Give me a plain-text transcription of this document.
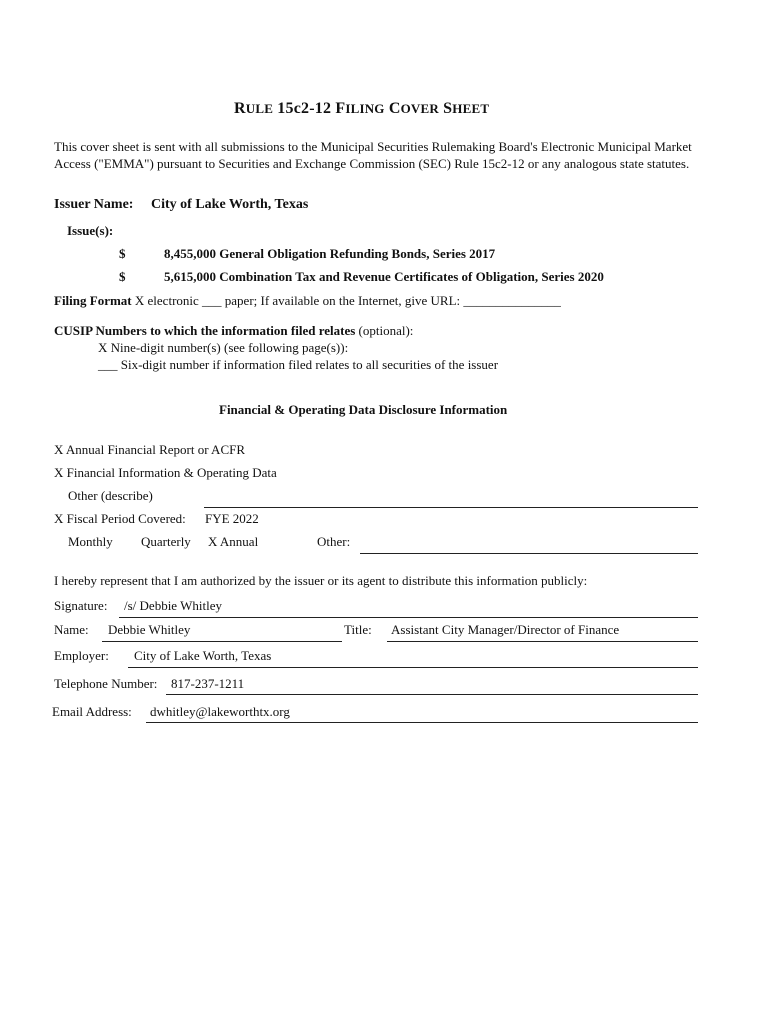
RULE 15c2-12 FILING COVER SHEET
This cover sheet is sent with all submissions to the Municipal Securities Rulemaking Board's Electronic Municipal Market Access ("EMMA") pursuant to Securities and Exchange Commission (SEC) Rule 15c2-12 or any analogous state statutes.
Issuer Name: City of Lake Worth, Texas
Issue(s):
$	8,455,000 General Obligation Refunding Bonds, Series 2017
$	5,615,000 Combination Tax and Revenue Certificates of Obligation, Series 2020
Filing Format X electronic ___ paper; If available on the Internet, give URL: _______________
CUSIP Numbers to which the information filed relates (optional):
X Nine-digit number(s) (see following page(s)):
___ Six-digit number if information filed relates to all securities of the issuer
Financial & Operating Data Disclosure Information
X Annual Financial Report or ACFR
X Financial Information & Operating Data
Other (describe)
X Fiscal Period Covered: FYE 2022
Monthly Quarterly X Annual	Other:
I hereby represent that I am authorized by the issuer or its agent to distribute this information publicly:
Signature: /s/ Debbie Whitley
Name: Debbie Whitley	Title: Assistant City Manager/Director of Finance
Employer: City of Lake Worth, Texas
Telephone Number: 817-237-1211
Email Address: dwhitley@lakeworthtx.org
